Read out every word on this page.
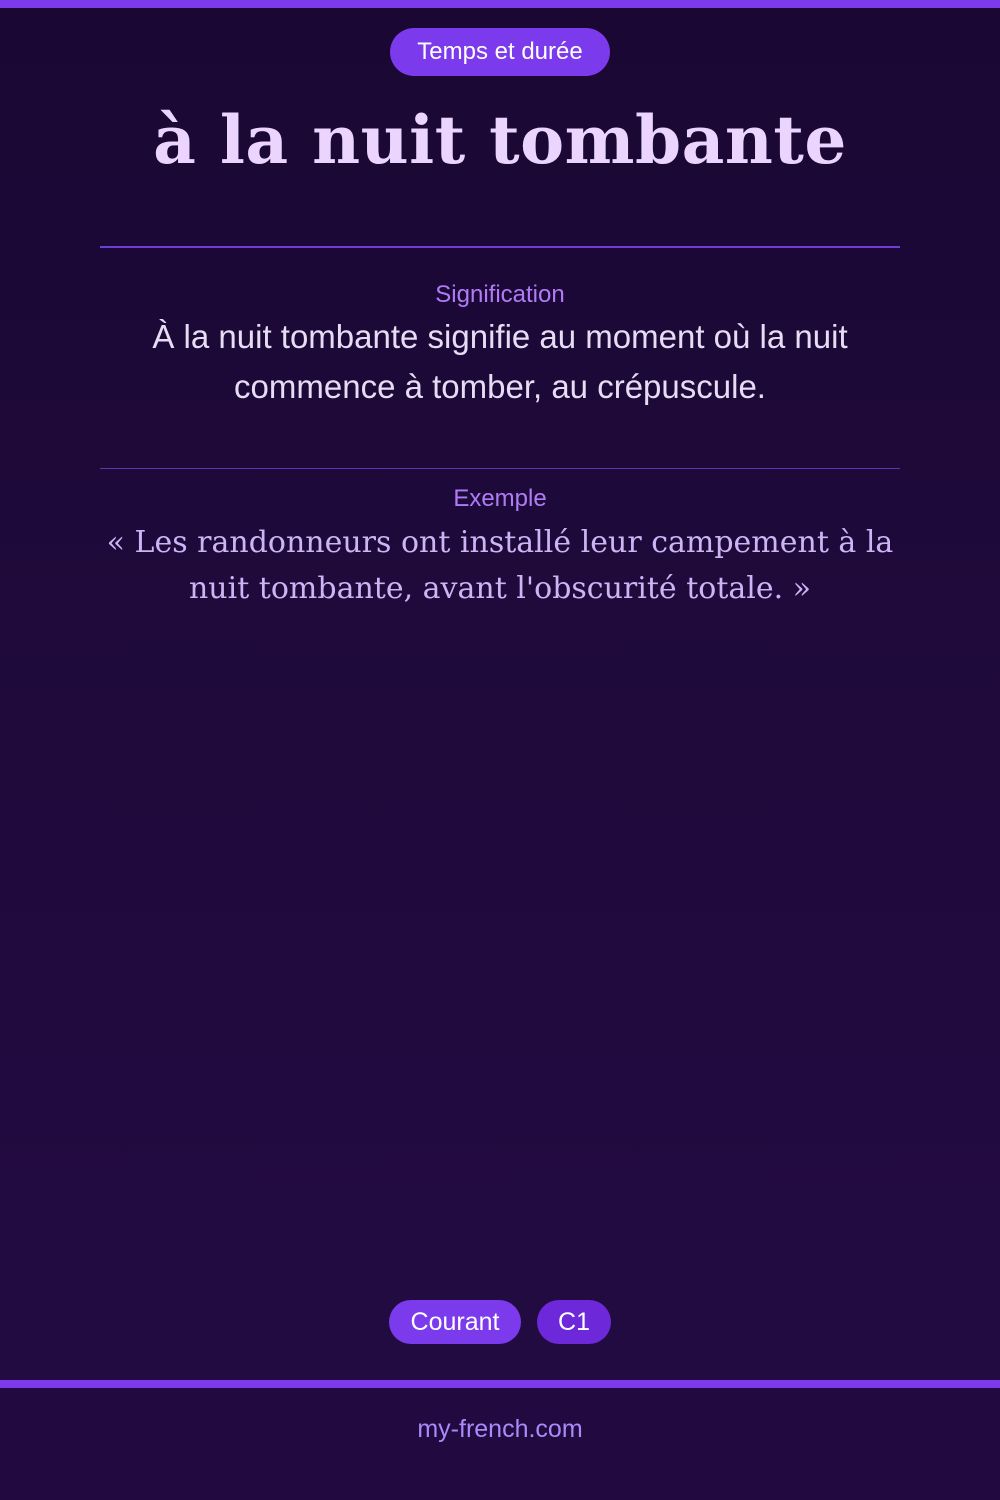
Temps et durée
à la nuit tombante
Signification
À la nuit tombante signifie au moment où la nuit commence à tomber, au crépuscule.
Exemple
« Les randonneurs ont installé leur campement à la nuit tombante, avant l'obscurité totale. »
Courant	C1
my-french.com
